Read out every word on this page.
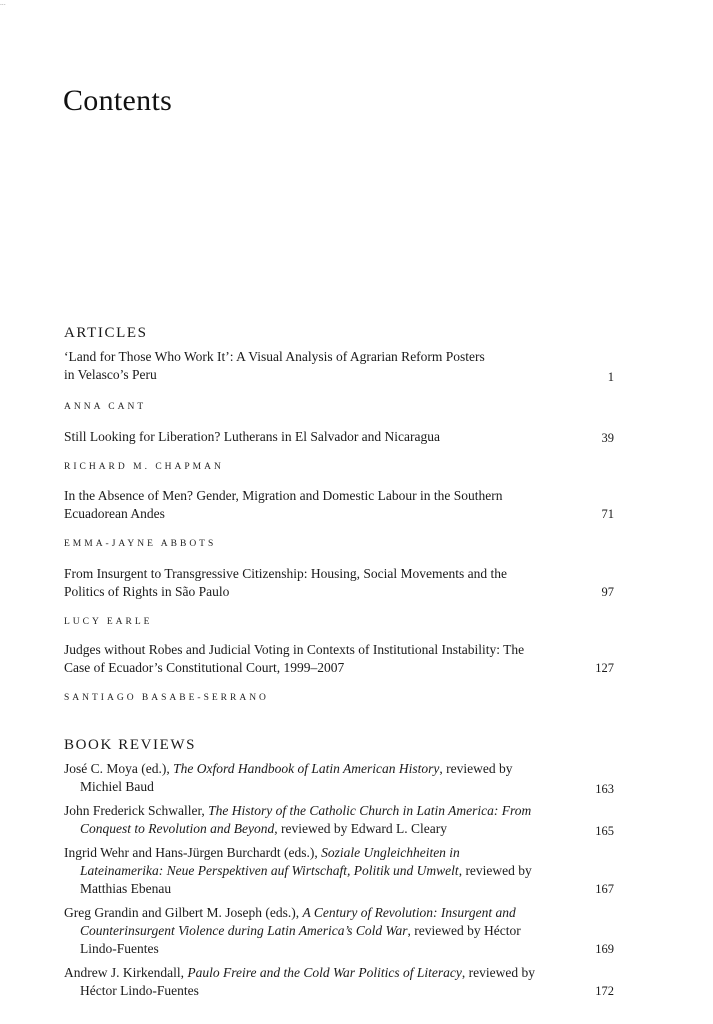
...
Contents
ARTICLES
‘Land for Those Who Work It’: A Visual Analysis of Agrarian Reform Posters
in Velasco’s Peru	1
ANNA CANT
Still Looking for Liberation? Lutherans in El Salvador and Nicaragua	39
RICHARD M. CHAPMAN
In the Absence of Men? Gender, Migration and Domestic Labour in the Southern
Ecuadorean Andes	71
EMMA-JAYNE ABBOTS
From Insurgent to Transgressive Citizenship: Housing, Social Movements and the
Politics of Rights in São Paulo	97
LUCY EARLE
Judges without Robes and Judicial Voting in Contexts of Institutional Instability: The
Case of Ecuador’s Constitutional Court, 1999–2007	127
SANTIAGO BASABE-SERRANO
BOOK REVIEWS
José C. Moya (ed.), The Oxford Handbook of Latin American History, reviewed by
Michiel Baud	163
John Frederick Schwaller, The History of the Catholic Church in Latin America: From
Conquest to Revolution and Beyond, reviewed by Edward L. Cleary	165
Ingrid Wehr and Hans-Jürgen Burchardt (eds.), Soziale Ungleichheiten in
Lateinamerika: Neue Perspektiven auf Wirtschaft, Politik und Umwelt, reviewed by
Matthias Ebenau	167
Greg Grandin and Gilbert M. Joseph (eds.), A Century of Revolution: Insurgent and
Counterinsurgent Violence during Latin America’s Cold War, reviewed by Héctor
Lindo-Fuentes	169
Andrew J. Kirkendall, Paulo Freire and the Cold War Politics of Literacy, reviewed by
Héctor Lindo-Fuentes	172
